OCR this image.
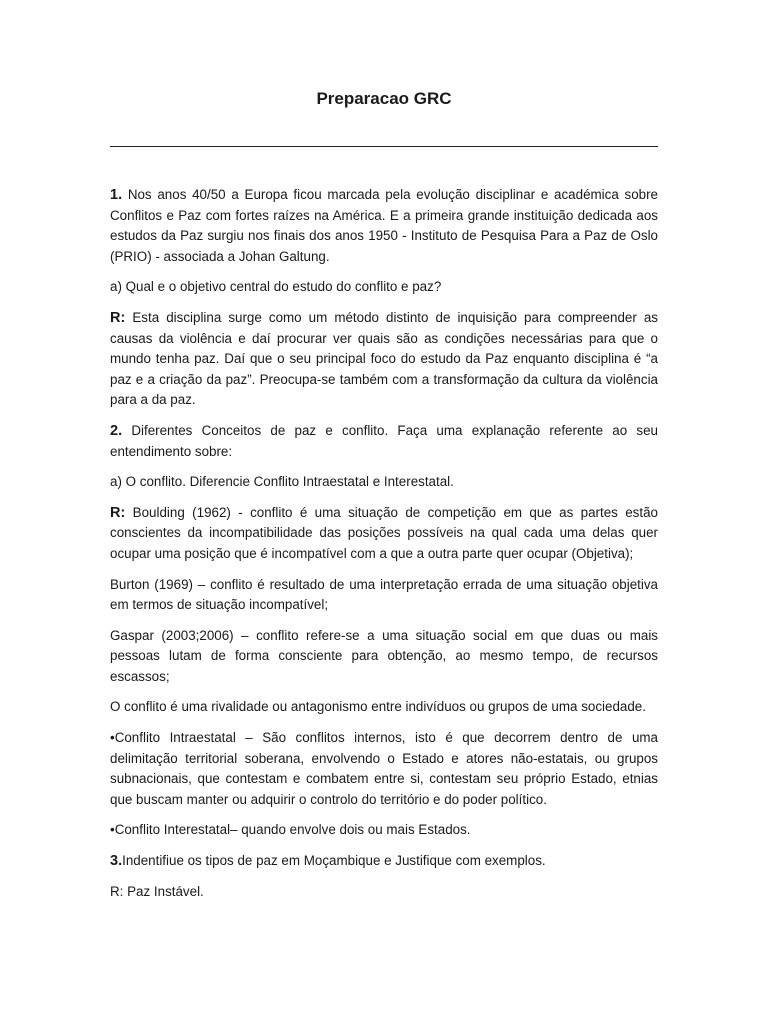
Preparacao GRC

1. Nos anos 40/50 a Europa ficou marcada pela evolução disciplinar e académica sobre Conflitos e Paz com fortes raízes na América. E a primeira grande instituição dedicada aos estudos da Paz surgiu nos finais dos anos 1950 - Instituto de Pesquisa Para a Paz de Oslo (PRIO) - associada a Johan Galtung.

a) Qual e o objetivo central do estudo do conflito e paz?

R: Esta disciplina surge como um método distinto de inquisição para compreender as causas da violência e daí procurar ver quais são as condições necessárias para que o mundo tenha paz. Daí que o seu principal foco do estudo da Paz enquanto disciplina é “a paz e a criação da paz”. Preocupa-se também com a transformação da cultura da violência para a da paz.

2. Diferentes Conceitos de paz e conflito. Faça uma explanação referente ao seu entendimento sobre:

a) O conflito. Diferencie Conflito Intraestatal e Interestatal.

R: Boulding (1962) - conflito é uma situação de competição em que as partes estão conscientes da incompatibilidade das posições possíveis na qual cada uma delas quer ocupar uma posição que é incompatível com a que a outra parte quer ocupar (Objetiva);

Burton (1969) – conflito é resultado de uma interpretação errada de uma situação objetiva em termos de situação incompatível;

Gaspar (2003;2006) – conflito refere-se a uma situação social em que duas ou mais pessoas lutam de forma consciente para obtenção, ao mesmo tempo, de recursos escassos;

O conflito é uma rivalidade ou antagonismo entre indivíduos ou grupos de uma sociedade.

•Conflito Intraestatal – São conflitos internos, isto é que decorrem dentro de uma delimitação territorial soberana, envolvendo o Estado e atores não-estatais, ou grupos subnacionais, que contestam e combatem entre si, contestam seu próprio Estado, etnias que buscam manter ou adquirir o controlo do território e do poder político.

•Conflito Interestatal– quando envolve dois ou mais Estados.

3.Indentifiue os tipos de paz em Moçambique e Justifique com exemplos.

R: Paz Instável.
